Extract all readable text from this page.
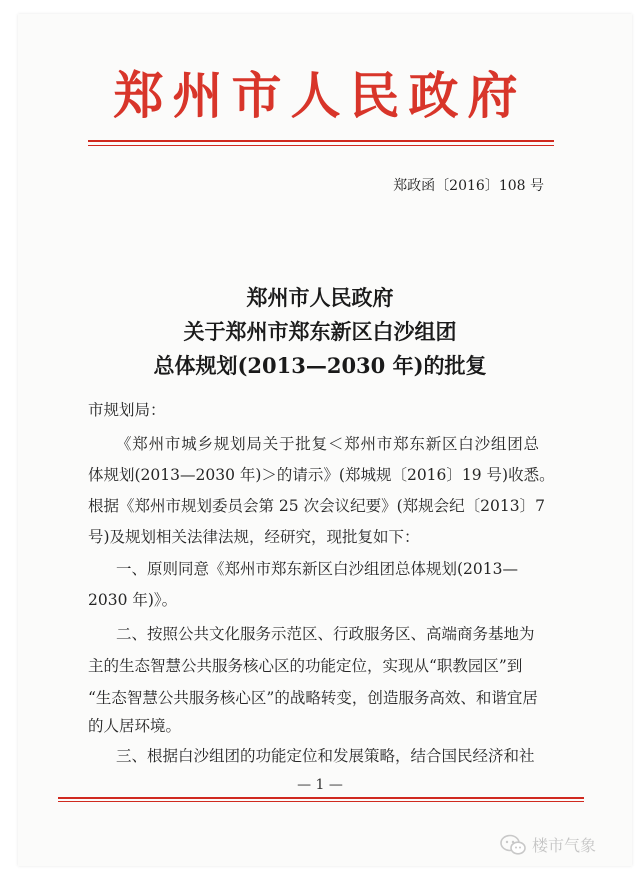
郑州市人民政府
郑政函〔2016〕108 号
郑州市人民政府
关于郑州市郑东新区白沙组团
总体规划(2013—2030 年)的批复
市规划局：
《郑州市城乡规划局关于批复＜郑州市郑东新区白沙组团总
体规划(2013—2030 年)＞的请示》(郑城规〔2016〕19 号)收悉。
根据《郑州市规划委员会第 25 次会议纪要》(郑规会纪〔2013〕7
号)及规划相关法律法规，经研究，现批复如下：
一、原则同意《郑州市郑东新区白沙组团总体规划(2013—
2030 年)》。
二、按照公共文化服务示范区、行政服务区、高端商务基地为
主的生态智慧公共服务核心区的功能定位，实现从“职教园区”到
“生态智慧公共服务核心区”的战略转变，创造服务高效、和谐宜居
的人居环境。
三、根据白沙组团的功能定位和发展策略，结合国民经济和社
— 1 —
楼市气象
